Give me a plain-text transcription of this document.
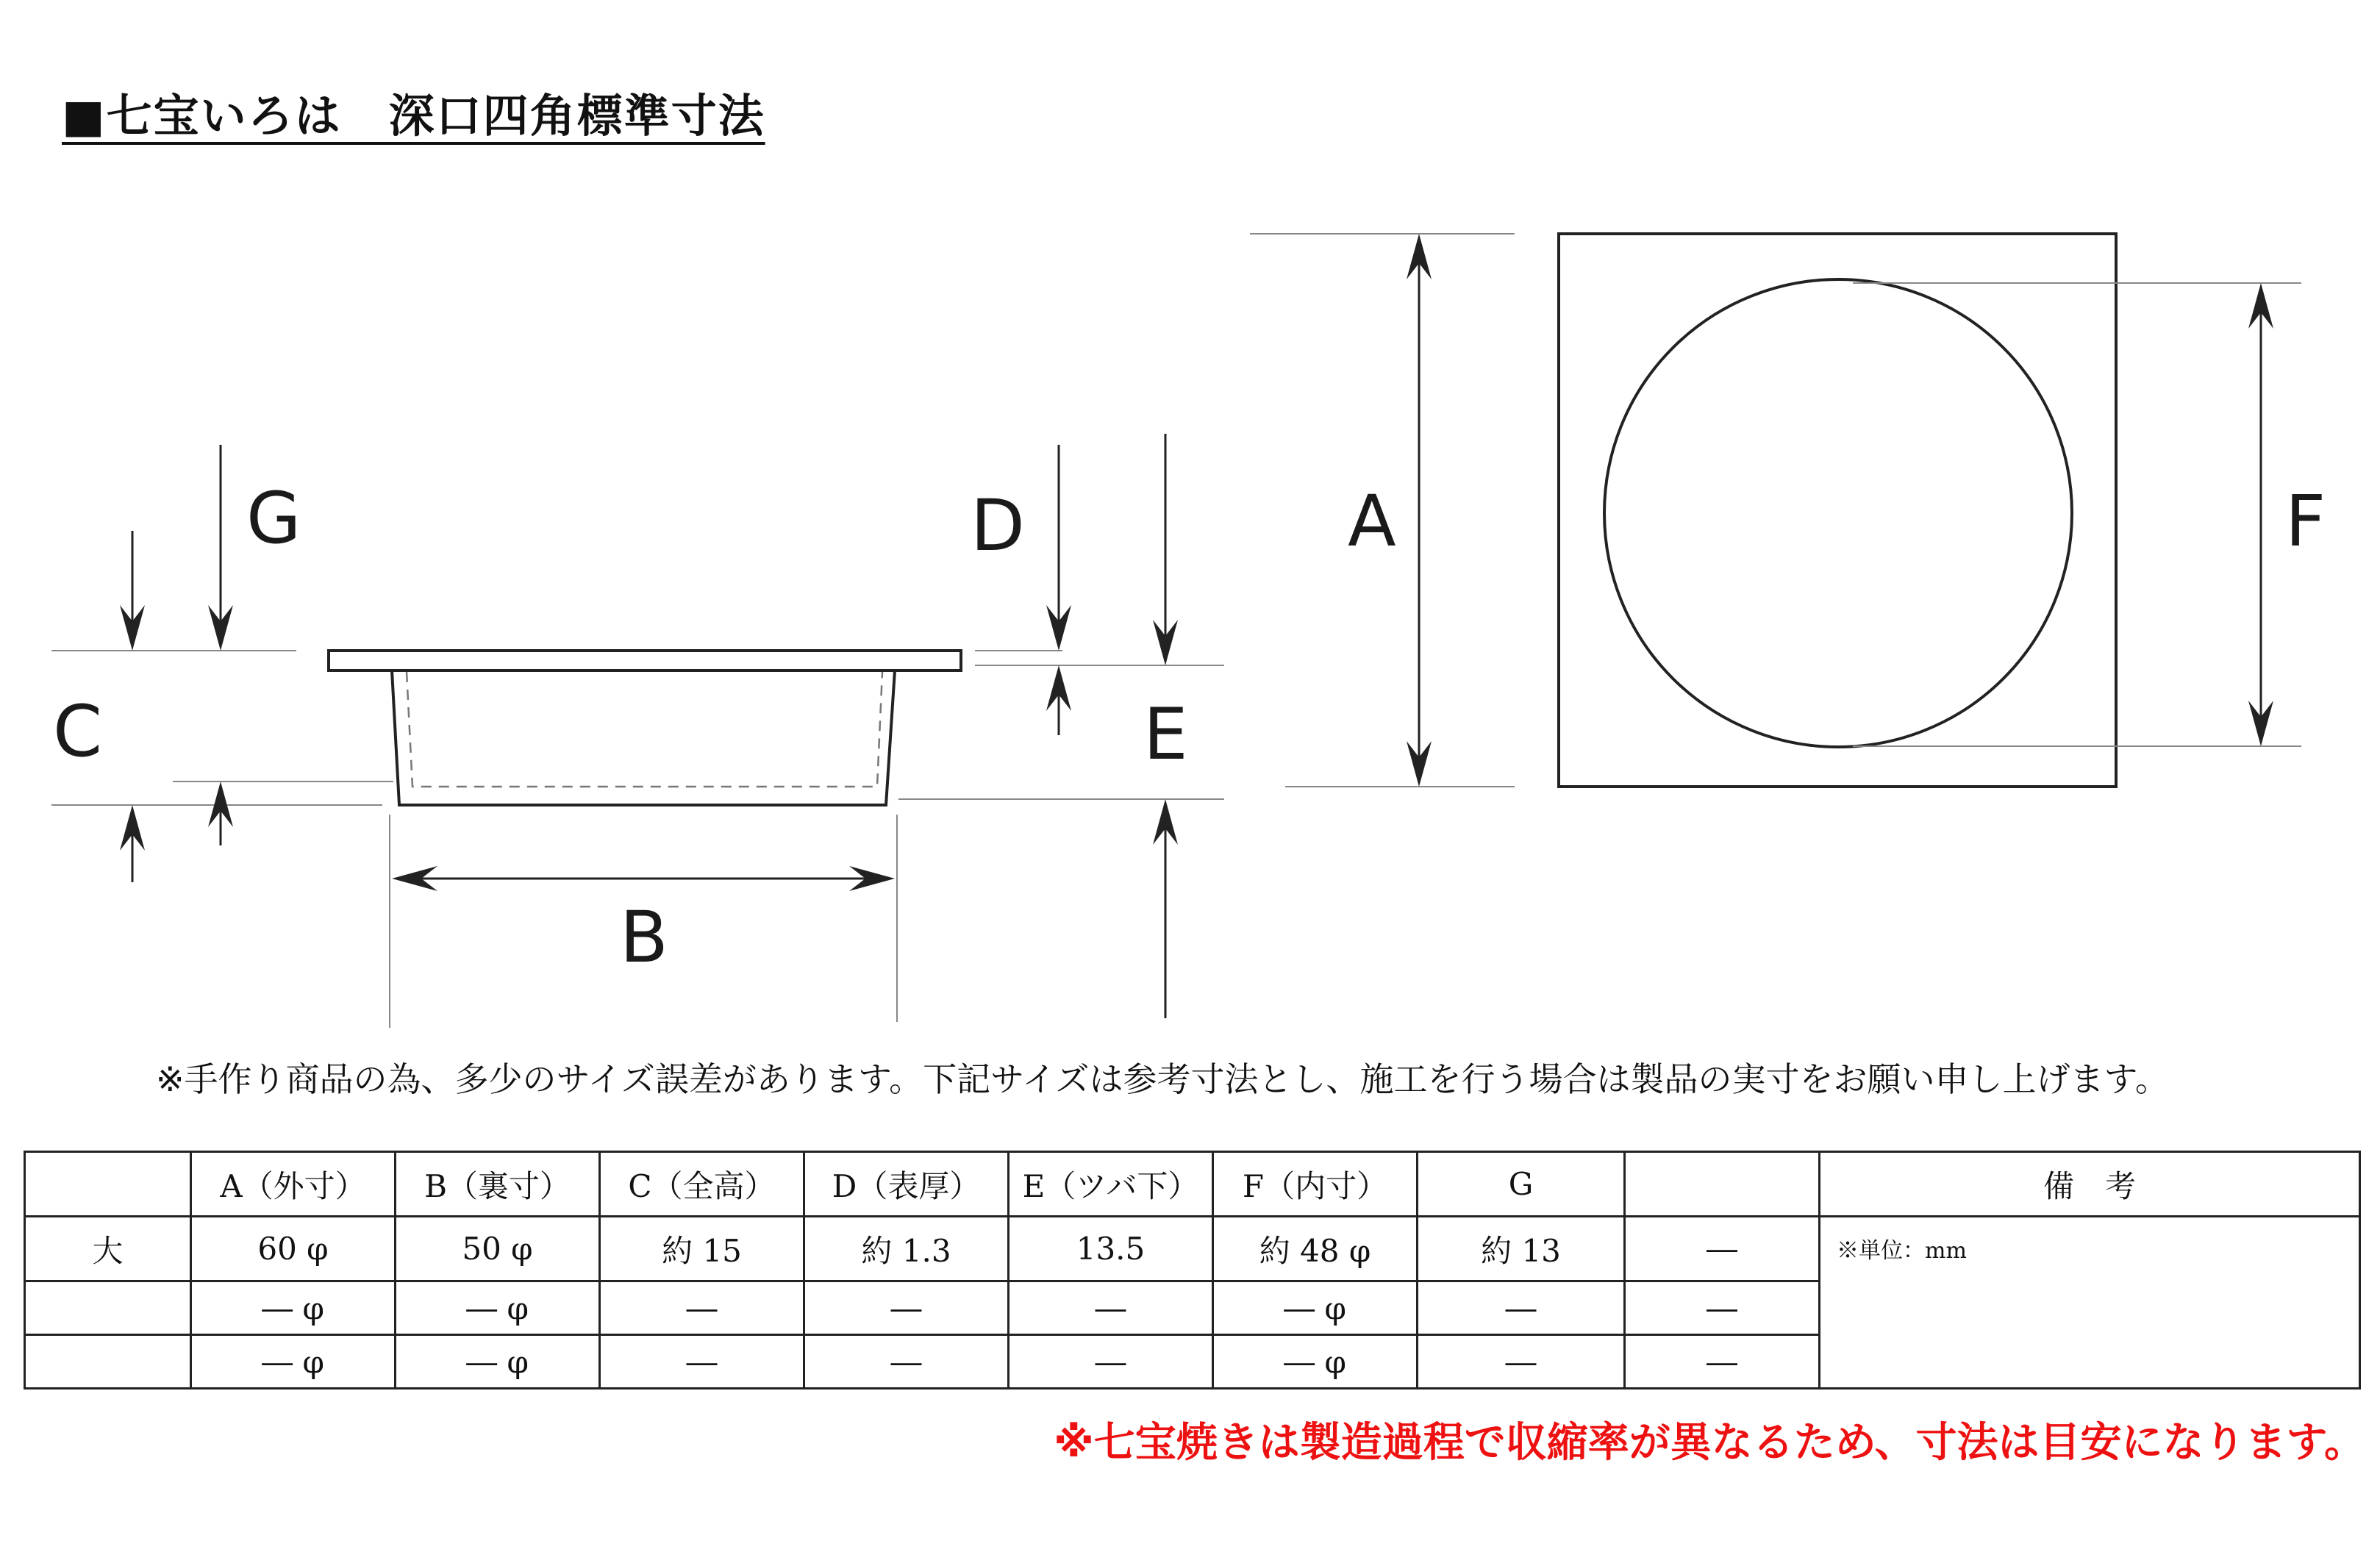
■七宝いろは　深口四角標準寸法
G
C
B
D
E
A	F
※手作り商品の為、多少のサイズ誤差があります。下記サイズは参考寸法とし、施工を行う場合は製品の実寸をお願い申し上げます。
	A（外寸）	B（裏寸）	C（全高）	D（表厚）	E（ツバ下）	F（内寸）	G		備　考
大	60 φ	50 φ	約 15	約 1.3	13.5	約 48 φ	約 13	―	※単位：mm
	― φ	― φ	―	―	―	― φ	―	―	
	― φ	― φ	―	―	―	― φ	―	―	
※七宝焼きは製造過程で収縮率が異なるため、寸法は目安になります。
